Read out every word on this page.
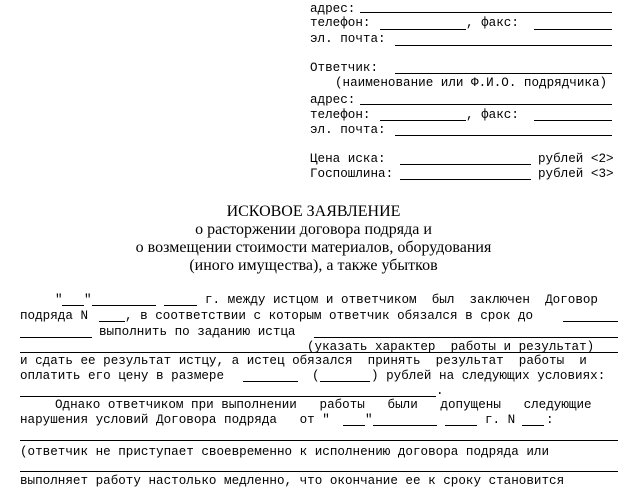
адрес:
телефон:	, факс:
эл. почта:
Ответчик:
(наименование или Ф.И.О. подрядчика)
адрес:
телефон:	, факс:
эл. почта:
Цена иска:	рублей <2>
Госпошлина:	рублей <3>
ИСКОВОЕ ЗАЯВЛЕНИЕ
о расторжении договора подряда и
о возмещении стоимости материалов, оборудования
(иного имущества), а также убытков
" "	г. между истцом и ответчиком  был  заключен  Договор
подряда N	, в соответствии с которым ответчик обязался в срок до
выполнить по заданию истца
(указать характер  работы и результат)
и сдать ее результат истцу, а истец обязался  принять  результат  работы  и
оплатить его цену в размере	(	) рублей на следующих условиях:
.
Однако ответчиком при выполнении   работы   были   допущены   следующие
нарушения условий Договора подряда   от "	"	г. N :
(ответчик не приступает своевременно к исполнению договора подряда или
выполняет работу настолько медленно, что окончание ее к сроку становится
